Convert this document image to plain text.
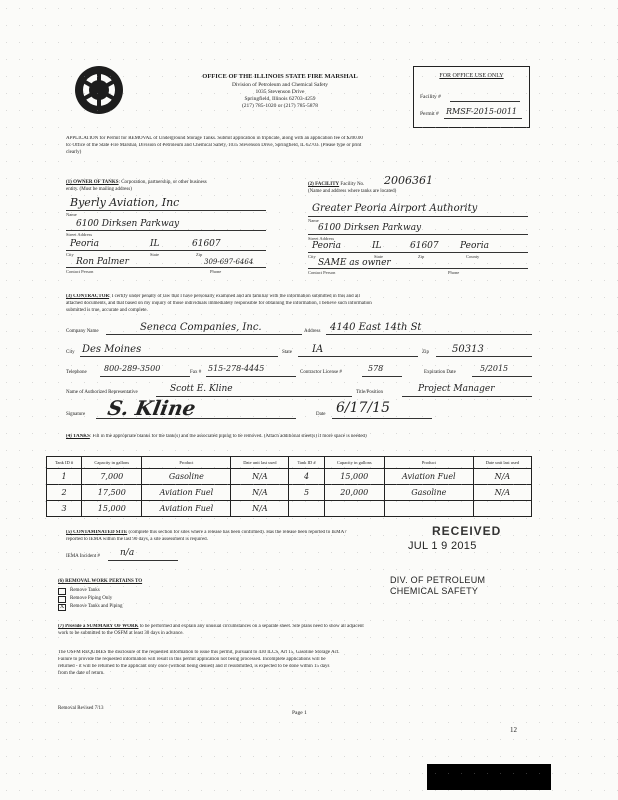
OFFICE OF THE ILLINOIS STATE FIRE MARSHAL
Division of Petroleum and Chemical Safety
1035 Stevenson Drive
Springfield, Illinois 62703-4259
(217) 785-1020 or (217) 785-5878
FOR OFFICE USE ONLY
Facility #
Permit # RMSF-2015-0011
APPLICATION for Permit for REMOVAL of Underground Storage Tanks. Submit application in triplicate, along with an application fee of $200.00
to: Office of the State Fire Marshal, Division of Petroleum and Chemical Safety, 1035 Stevenson Drive, Springfield, IL 62703. (Please type or print
clearly)
(1) OWNER OF TANKS: Corporation, partnership, or other business
entity. (Must be mailing address)
Byerly Aviation, Inc
Name
6100 Dirksen Parkway
Street Address
Peoria	IL	61607
City	State	Zip
Ron Palmer	309-697-6464
Contact Person	Phone
(2) FACILITY Facility No. 2006361
(Name and address where tanks are located)
Greater Peoria Airport Authority
Name
6100 Dirksen Parkway
Street Address
Peoria	IL	61607 Peoria
City	State	Zip	County
SAME as owner
Contact Person	Phone
(3) CONTRACTOR: I certify under penalty of law that I have personally examined and am familiar with the information submitted in this and all
attached documents, and that based on my inquiry of those individuals immediately responsible for obtaining the information, I believe such information
submitted is true, accurate and complete.
Company Name	Seneca Companies, Inc.	Address 4140 East 14th St
City Des Moines	State IA	Zip 50313
Telephone 800-289-3500	Fax # 515-278-4445	Contractor License #	578	Expiration Date	5/2015
Name of Authorized Representative	Scott E. Kline	Title/Position	Project Manager
Signature S. Kline	Date 6/17/15
(4) TANKS: Fill in the appropriate blanks for the tank(s) and the associated piping to be removed. (Attach additional sheet(s) if more space is needed)
Tank ID #	Capacity in gallons	Product	Date unit last used	Tank ID #	Capacity in gallons	Product	Date unit last used
1	7,000	Gasoline	N/A	4	15,000	Aviation Fuel	N/A
2	17,500	Aviation Fuel	N/A	5	20,000	Gasoline	N/A
3	15,000	Aviation Fuel	N/A				
(5) CONTAMINATED SITE (complete this section for sites where a release has been confirmed). Has the release been reported to IEMA?
reported to IEMA within the last 90 days, a site assessment is required.
IEMA Incident # n/a
RECEIVED
JUL 1 9 2015
DIV. OF PETROLEUM
CHEMICAL SAFETY
(6) REMOVAL WORK PERTAINS TO
Remove Tanks
Remove Piping Only
X	Remove Tanks and Piping
(7) Provide a SUMMARY OF WORK to be performed and explain any unusual circumstances on a separate sheet. Site plans need to show all adjacent
work to be submitted to the OSFM at least 30 days in advance.
The OSFM REQUIRES the disclosure of the requested information to issue this permit, pursuant to 430 ILCS, Art 15, Gasoline Storage Act.
Failure to provide the requested information will result in this permit application not being processed. Incomplete applications will be
returned - it will be returned to the applicant only once (without being denied) and if resubmitted, is expected to be done within 15 days
from the date of return.
Removal Revised 7/13
Page 1
12
